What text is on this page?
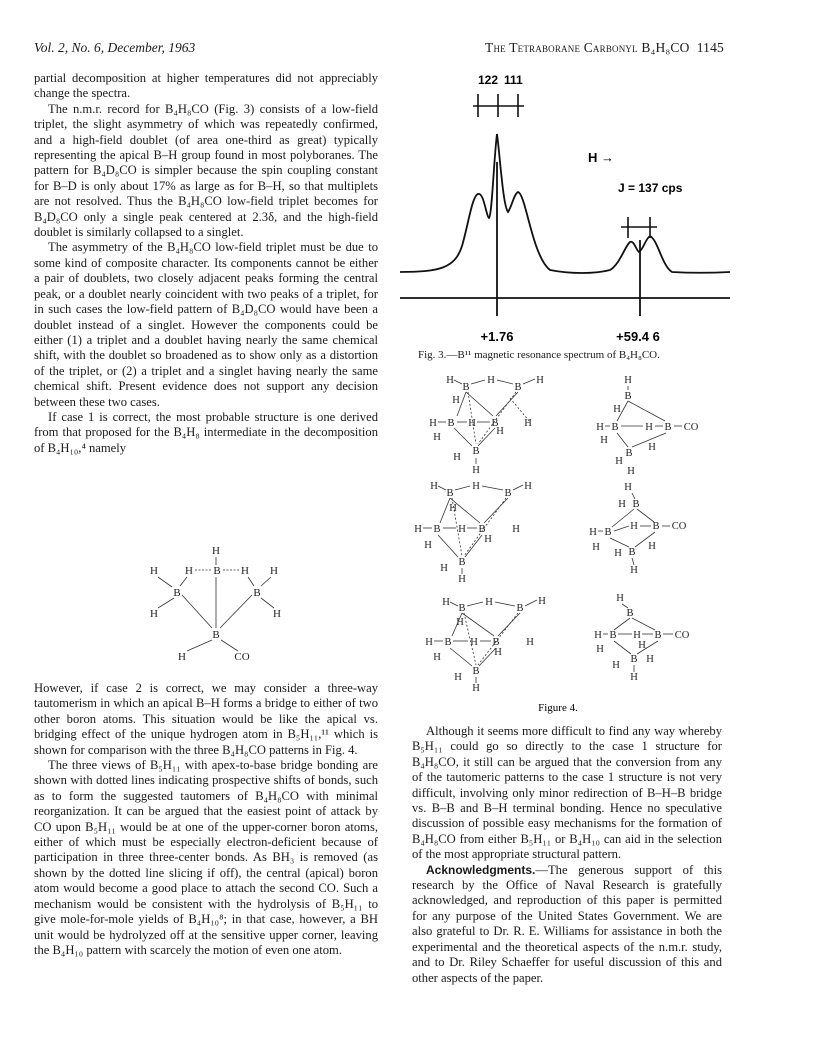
Vol. 2, No. 6, December, 1963	The Tetraborane Carbonyl B₄H₈CO 1145

partial decomposition at higher temperatures did not appreciably change the spectra.

The n.m.r. record for B₄H₈CO (Fig. 3) consists of a low-field triplet, the slight asymmetry of which was repeatedly confirmed, and a high-field doublet (of area one-third as great) typically representing the apical B–H group found in most polyboranes. The pattern for B₄D₈CO is simpler because the spin coupling constant for B–D is only about 17% as large as for B–H, so that multiplets are not resolved. Thus the B₄H₈CO low-field triplet becomes for B₄D₈CO only a single peak centered at 2.3δ, and the high-field doublet is similarly collapsed to a singlet.

The asymmetry of the B₄H₈CO low-field triplet must be due to some kind of composite character. Its components cannot be either a pair of doublets, two closely adjacent peaks forming the central peak, or a doublet nearly coincident with two peaks of a triplet, for in such cases the low-field pattern of B₄D₈CO would have been a doublet instead of a singlet. However the components could be either (1) a triplet and a doublet having nearly the same chemical shift, with the doublet so broadened as to show only as a distortion of the triplet, or (2) a triplet and a singlet having nearly the same chemical shift. Present evidence does not support any decision between these two cases.

If case 1 is correct, the most probable structure is one derived from that proposed for the B₄H₈ intermediate in the decomposition of B₄H₁₀,⁴ namely

H
H H B H H
B	B
H	H
B
H	CO

However, if case 2 is correct, we may consider a three-way tautomerism in which an apical B–H forms a bridge to either of two other boron atoms. This situation would be like the apical vs. bridging effect of the unique hydrogen atom in B₅H₁₁,¹¹ which is shown for comparison with the three B₄H₈CO patterns in Fig. 4.

The three views of B₅H₁₁ with apex-to-base bridge bonding are shown with dotted lines indicating prospective shifts of bonds, such as to form the suggested tautomers of B₄H₈CO with minimal reorganization. It can be argued that the easiest point of attack by CO upon B₅H₁₁ would be at one of the upper-corner boron atoms, either of which must be especially electron-deficient because of participation in three three-center bonds. As BH₃ is removed (as shown by the dotted line slicing if off), the central (apical) boron atom would become a good place to attach the second CO. Such a mechanism would be consistent with the hydrolysis of B₅H₁₁ to give mole-for-mole yields of B₄H₁₀⁸; in that case, however, a BH unit would be hydrolyzed off at the sensitive upper corner, leaving the B₄H₁₀ pattern with scarcely the motion of even one atom.

122 111
H →
J = 137 cps
+1.76	+59.4 6
Fig. 3.—B¹¹ magnetic resonance spectrum of B₄H₈CO.
H
B
H
B
H
H
H B H B H
H
H
H
B
H
H
B
H
B
H
H
H B H B	H
H
H
H
B
H
H
B
H
B
H
H
H B H B	H
H	H
H
B
H
H
B
H
H B	H B CO
H
B
H
H
H
H
H B
H B
H B CO
H
H B
H
H
H
B
H B H B CO
H
H
H
B H
H
Figure 4.

Although it seems more difficult to find any way whereby B₅H₁₁ could go so directly to the case 1 structure for B₄H₈CO, it still can be argued that the conversion from any of the tautomeric patterns to the case 1 structure is not very difficult, involving only minor redirection of B–H–B bridge vs. B–B and B–H terminal bonding. Hence no speculative discussion of possible easy mechanisms for the formation of B₄H₈CO from either B₅H₁₁ or B₄H₁₀ can aid in the selection of the most appropriate structural pattern.

Acknowledgments.—The generous support of this research by the Office of Naval Research is gratefully acknowledged, and reproduction of this paper is permitted for any purpose of the United States Government. We are also grateful to Dr. R. E. Williams for assistance in both the experimental and the theoretical aspects of the n.m.r. study, and to Dr. Riley Schaeffer for useful discussion of this and other aspects of the paper.
